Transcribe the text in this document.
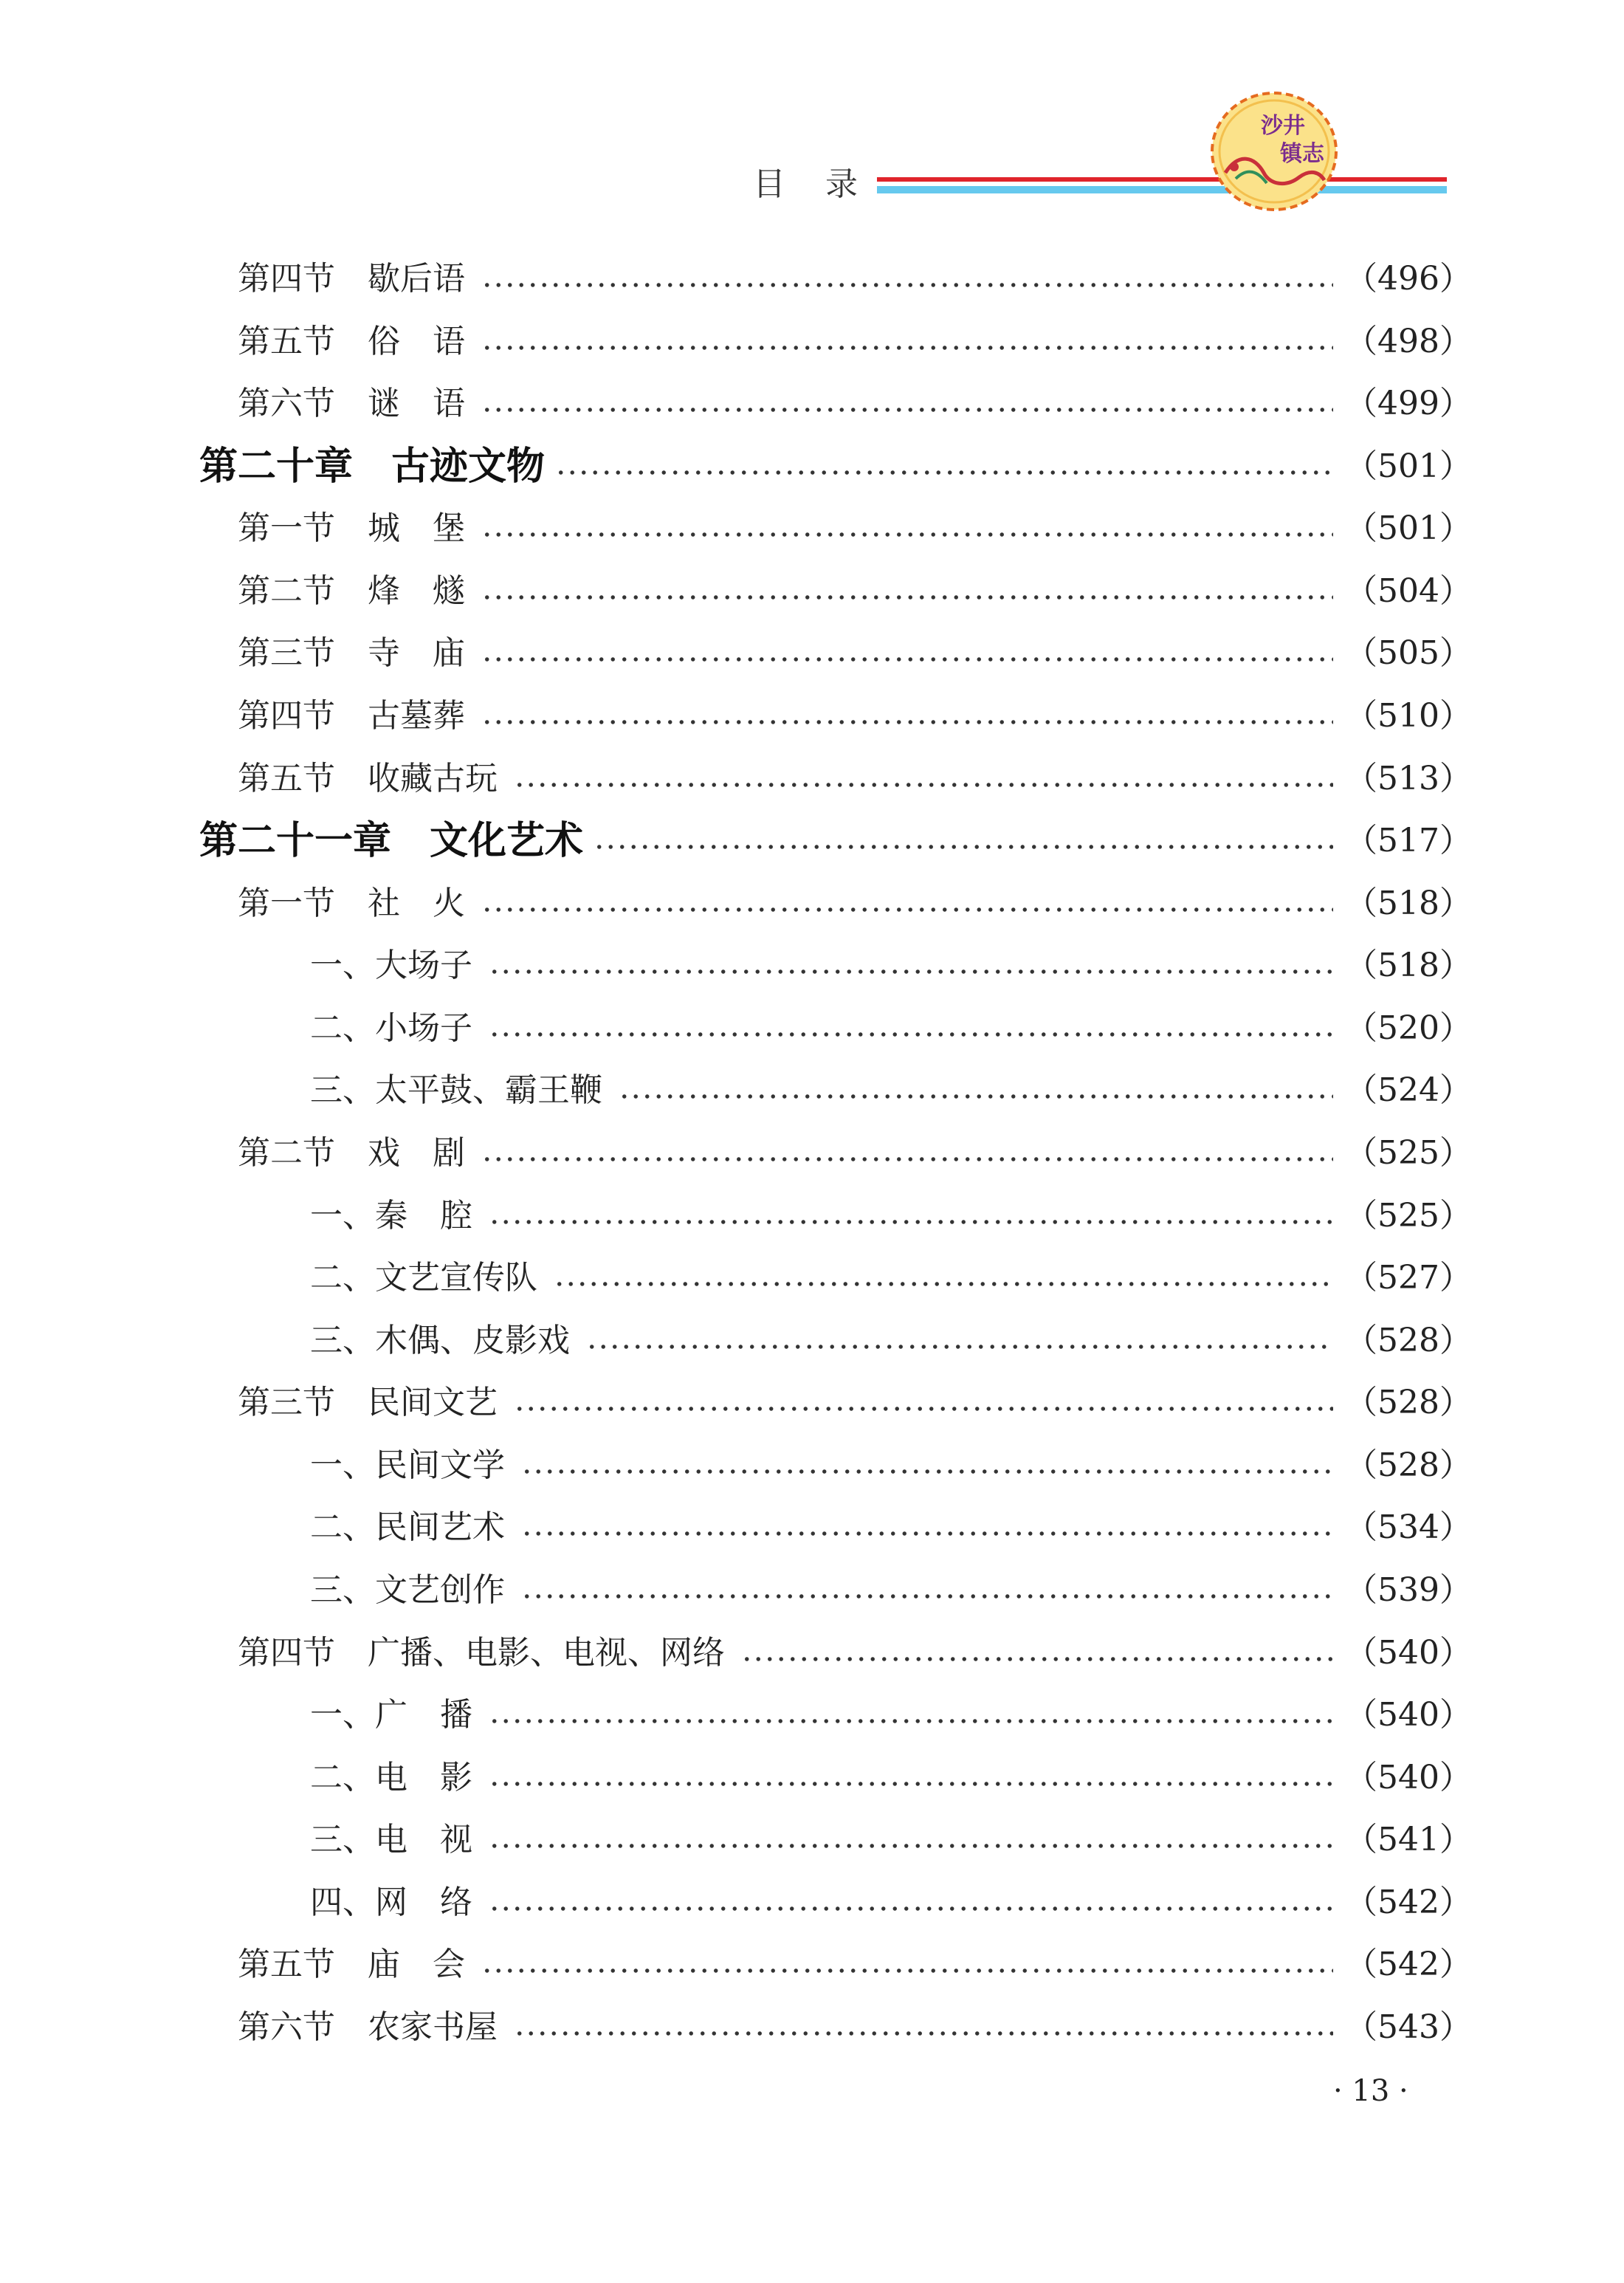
目 录
沙井
镇志
第四节　歇后语	（496）
第五节　俗　语	（498）
第六节　谜　语	（499）
第二十章　古迹文物	（501）
第一节　城　堡	（501）
第二节　烽　燧	（504）
第三节　寺　庙	（505）
第四节　古墓葬	（510）
第五节　收藏古玩	（513）
第二十一章　文化艺术	（517）
第一节　社　火	（518）
一、大场子	（518）
二、小场子	（520）
三、太平鼓、霸王鞭	（524）
第二节　戏　剧	（525）
一、秦　腔	（525）
二、文艺宣传队	（527）
三、木偶、皮影戏	（528）
第三节　民间文艺	（528）
一、民间文学	（528）
二、民间艺术	（534）
三、文艺创作	（539）
第四节　广播、电影、电视、网络	（540）
一、广　播	（540）
二、电　影	（540）
三、电　视	（541）
四、网　络	（542）
第五节　庙　会	（542）
第六节　农家书屋	（543）
· 13 ·
